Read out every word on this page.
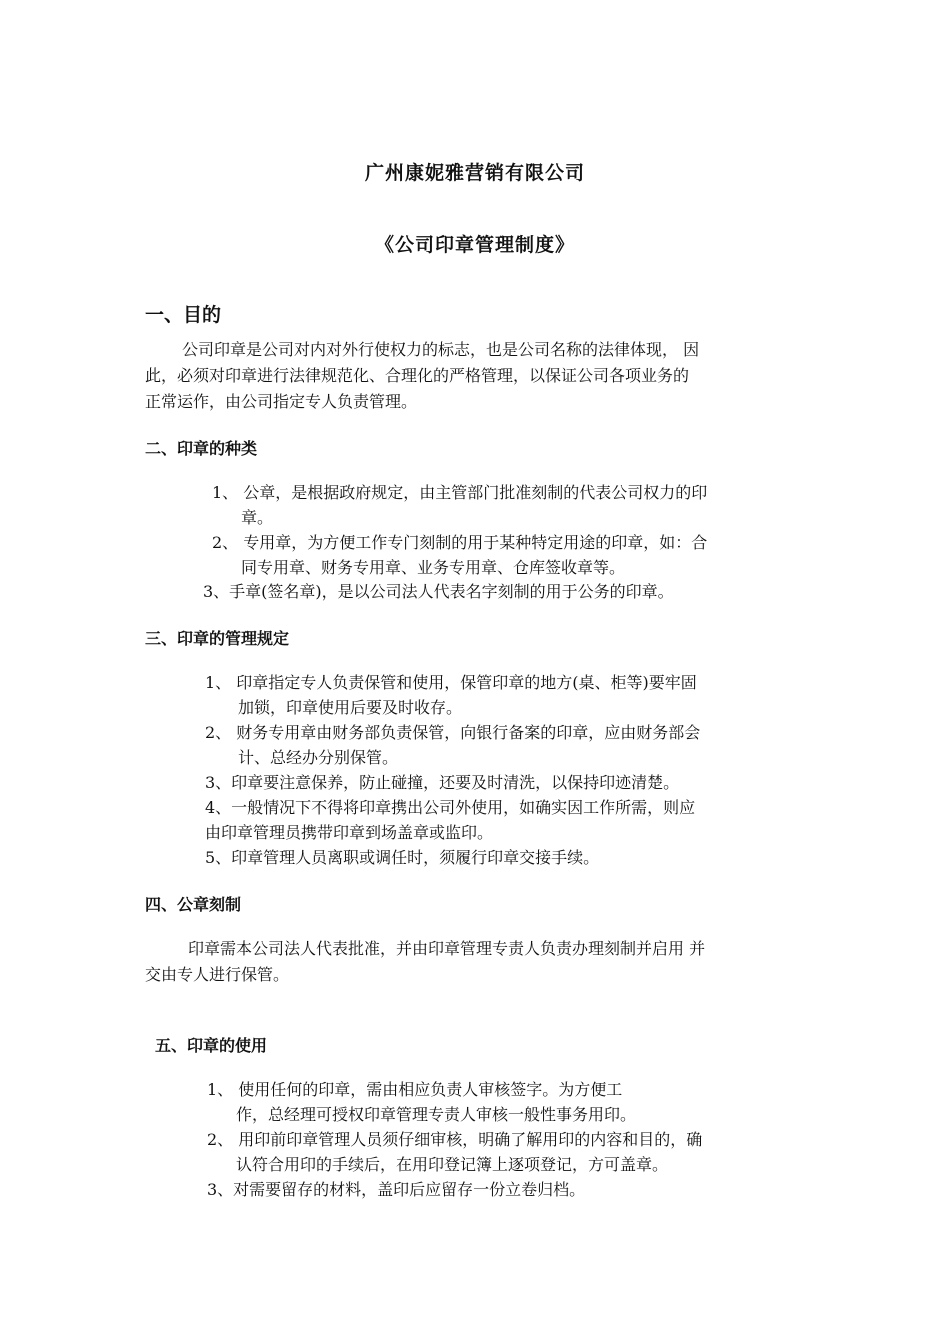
广州康妮雅营销有限公司
《公司印章管理制度》
一、目的
公司印章是公司对内对外行使权力的标志，也是公司名称的法律体现， 因
此，必须对印章进行法律规范化、合理化的严格管理，以保证公司各项业务的
正常运作，由公司指定专人负责管理。
二、印章的种类
1、 公章，是根据政府规定，由主管部门批准刻制的代表公司权力的印
章。
2、 专用章，为方便工作专门刻制的用于某种特定用途的印章，如：合
同专用章、财务专用章、业务专用章、仓库签收章等。
3、手章(签名章)，是以公司法人代表名字刻制的用于公务的印章。
三、印章的管理规定
1、 印章指定专人负责保管和使用，保管印章的地方(桌、柜等)要牢固
加锁，印章使用后要及时收存。
2、 财务专用章由财务部负责保管，向银行备案的印章，应由财务部会
计、总经办分别保管。
3、印章要注意保养，防止碰撞，还要及时清洗，以保持印迹清楚。
4、一般情况下不得将印章携出公司外使用，如确实因工作所需，则应
由印章管理员携带印章到场盖章或监印。
5、印章管理人员离职或调任时，须履行印章交接手续。
四、公章刻制
印章需本公司法人代表批准，并由印章管理专责人负责办理刻制并启用 并
交由专人进行保管。
五、印章的使用
1、 使用任何的印章，需由相应负责人审核签字。为方便工
作，总经理可授权印章管理专责人审核一般性事务用印。
2、 用印前印章管理人员须仔细审核，明确了解用印的内容和目的，确
认符合用印的手续后，在用印登记簿上逐项登记，方可盖章。
3、对需要留存的材料，盖印后应留存一份立卷归档。
